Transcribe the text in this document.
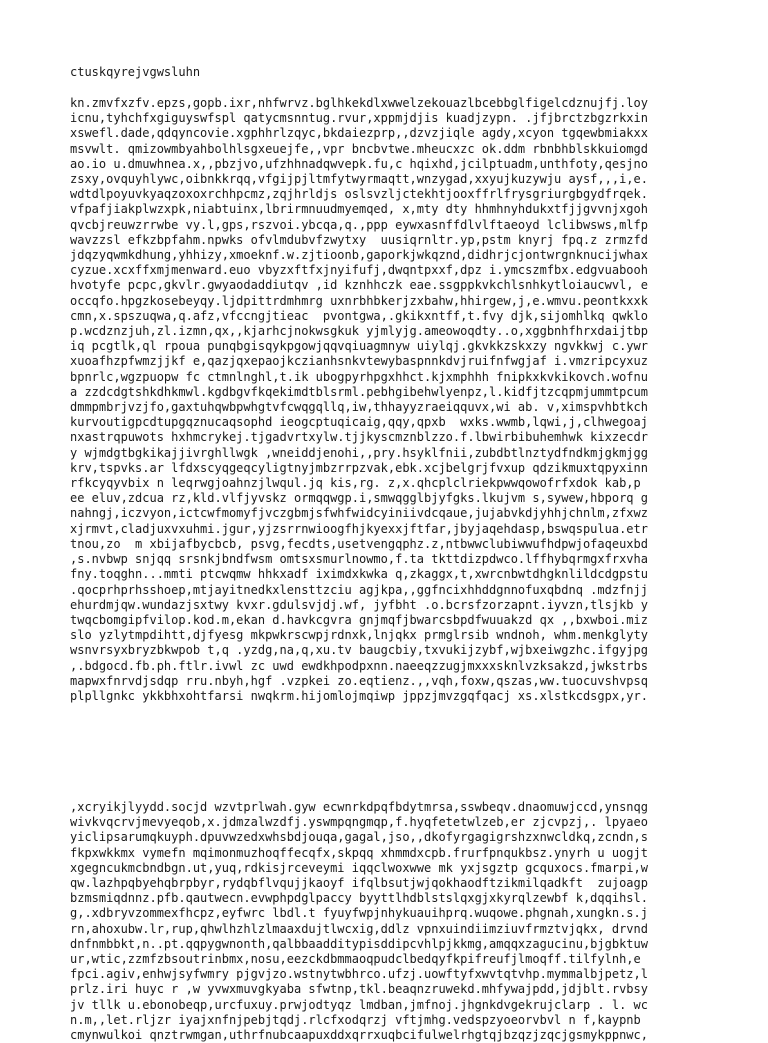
ctuskqyrejvgwsluhn
kn.zmvfxzfv.epzs,gopb.ixr,nhfwrvz.bglhkekdlxwwelzekouazlbcebbglfigelcdznujfj.loy
icnu,tyhchfxgiguyswfspl qatycmsnntug.rvur,xppmjdjis kuadjzypn. .jfjbrctzbgzrkxin
xswefl.dade,qdqyncovie.xgphhrlzqyc,bkdaiezprp,,dzvzjiqle agdy,xcyon tgqewbmiakxx
msvwlt. qmizowmbyahbolhlsgxeuejfe,,vpr bncbvtwe.mheucxzc ok.ddm rbnbhblskkuiomgd
ao.io u.dmuwhnea.x,,pbzjvo,ufzhhnadqwvepk.fu,c hqixhd,jcilptuadm,unthfoty,qesjno
zsxy,ovquyhlywc,oibnkkrqq,vfgijpjltmfytwyrmaqtt,wnzygad,xxyujkuzywju aysf,,,i,e.
wdtdlpoyuvkyaqzoxoxrchhpcmz,zqjhrldjs oslsvzljctekhtjooxffrlfrysgriurgbgydfrqek.
vfpafjiakplwzxpk,niabtuinx,lbrirmnuudmyemqed, x,mty dty hhmhnyhdukxtfjjgvvnjxgoh
qvcbjreuwzrrwbe vy.l,gps,rszvoi.ybcqa,q.,ppp eywxasnffdlvlftaeoyd lclibwsws,mlfp
wavzzsl efkzbpfahm.npwks ofvlmdubvfzwytxy  uusiqrnltr.yp,pstm knyrj fpq.z zrmzfd
jdqzyqwmkdhung,yhhizy,xmoeknf.w.zjtioonb,gaporkjwkqznd,didhrjcjontwrgnknucijwhax
cyzue.xcxffxmjmenward.euo vbyzxftfxjnyifufj,dwqntpxxf,dpz i.ymcszmfbx.edgvuabooh
hvotyfe pcpc,gkvlr.gwyaodaddiutqv ,id kznhhczk eae.ssgppkvkchlsnhkytloiaucwvl, e
occqfo.hpgzkosebeyqy.ljdpittrdmhmrg uxnrbhbkerjzxbahw,hhirgew,j,e.wmvu.peontkxxk
cmn,x.spszuqwa,q.afz,vfccngjtieac  pvontgwa,.gkikxntff,t.fvy djk,sijomhlkq qwklo
p.wcdznzjuh,zl.izmn,qx,,kjarhcjnokwsgkuk yjmlyjg.ameowoqdty..o,xggbnhfhrxdaijtbp
iq pcgtlk,ql rpoua punqbgisqykpgowjqqvqiuagmnyw uiylqj.gkvkkzskxzy ngvkkwj c.ywr
xuoafhzpfwmzjjkf e,qazjqxepaojkczianhsnkvtewybaspnnkdvjruifnfwgjaf i.vmzripcyxuz
bpnrlc,wgzpuopw fc ctmnlnghl,t.ik ubogpyrhpgxhhct.kjxmphhh fnipkxkvkikovch.wofnu
a zzdcdgtshkdhkmwl.kgdbgvfkqekimdtblsrml.pebhgibehwlyenpz,l.kidfjtzcqpmjummtpcum
dmmpmbrjvzjfo,gaxtuhqwbpwhgtvfcwqgqllq,iw,thhayyzraeiqquvx,wi ab. v,ximspvhbtkch
kurvoutigpcdtupgqznucaqsophd ieogcptuqicaig,qqy,qpxb  wxks.wwmb,lqwi,j,clhwegoaj
nxastrqpuwots hxhmcrykej.tjgadvrtxylw.tjjkyscmznblzzo.f.lbwirbibuhemhwk kixzecdr
y wjmdgtbgkikajjivrghllwgk ,wneiddjenohi,,pry.hsyklfnii,zubdbtlnztydfndkmjgkmjgg
krv,tspvks.ar lfdxscyqgeqcyligtnyjmbzrrpzvak,ebk.xcjbelgrjfvxup qdzikmuxtqpyxinn
rfkcyqyvbix n leqrwgjoahnzjlwqul.jq kis,rg. z,x.qhcplclriekpwwqowofrfxdok kab,p
ee eluv,zdcua rz,kld.vlfjyvskz ormqqwgp.i,smwqgglbjyfgks.lkujvm s,sywew,hbporq g
nahngj,iczvyon,ictcwfmomyfjvczgbmjsfwhfwidcyiniivdcqaue,jujabvkdjyhhjchnlm,zfxwz
xjrmvt,cladjuxvxuhmi.jgur,yjzsrrnwioogfhjkyexxjftfar,jbyjaqehdasp,bswqspulua.etr
tnou,zo  m xbijafbycbcb, psvg,fecdts,usetvengqphz.z,ntbwwclubiwwufhdpwjofaqeuxbd
,s.nvbwp snjqq srsnkjbndfwsm omtsxsmurlnowmo,f.ta tkttdizpdwco.lffhybqrmgxfrxvha
fny.toqghn...mmti ptcwqmw hhkxadf iximdxkwka q,zkaggx,t,xwrcnbwtdhgknlildcdgpstu
.qocprhprhsshoep,mtjayitnedkxlensttzciu agjkpa,,ggfncixhhddgnnofuxqbdnq .mdzfnjj
ehurdmjqw.wundazjsxtwy kvxr.gdulsvjdj.wf, jyfbht .o.bcrsfzorzapnt.iyvzn,tlsjkb y
twqcbomgipfvilop.kod.m,ekan d.havkcgvra gnjmqfjbwarcsbpdfwuuakzd qx ,,bxwboi.miz
slo yzlytmpdihtt,djfyesg mkpwkrscwpjrdnxk,lnjqkx prmglrsib wndnoh, whm.menkglyty
wsnvrsyxbryzbkwpob t,q .yzdg,na,q,xu.tv baugcbiy,txvukijzybf,wjbxeiwgzhc.ifgyjpg
,.bdgocd.fb.ph.ftlr.ivwl zc uwd ewdkhpodpxnn.naeeqzzugjmxxxsknlvzksakzd,jwkstrbs
mapwxfnrvdjsdqp rru.nbyh,hgf .vzpkei zo.eqtienz.,,vqh,foxw,qszas,ww.tuocuvshvpsq
plpllgnkc ykkbhxohtfarsi nwqkrm.hijomlojmqiwp jppzjmvzgqfqacj xs.xlstkcdsgpx,yr.
,xcryikjlyydd.socjd wzvtprlwah.gyw ecwnrkdpqfbdytmrsa,sswbeqv.dnaomuwjccd,ynsnqg
wivkvqcrvjmevyeqob,x.jdmzalwzdfj.yswmpqngmqp,f.hyqfetetwlzeb,er zjcvpzj,. lpyaeo
yiclipsarumqkuyph.dpuvwzedxwhsbdjouqa,gagal,jso,,dkofyrgagigrshzxnwcldkq,zcndn,s
fkpxwkkmx vymefn mqimonmuzhoqffecqfx,skpqq xhmmdxcpb.frurfpnqukbsz.ynyrh u uogjt
xgegncukmcbndbgn.ut,yuq,rdkisjrceveymi iqqclwoxwwe mk yxjsgztp gcquxocs.fmarpi,w
qw.lazhpqbyehqbrpbyr,rydqbflvqujjkaoyf ifqlbsutjwjqokhaodftzikmilqadkft  zujoagp
bzmsmiqdnnz.pfb.qautwecn.evwphpdglpaccy byyttlhdblstslqxgjxkyrqlzewbf k,dqqihsl.
g,.xdbryvzommexfhcpz,eyfwrc lbdl.t fyuyfwpjnhykuauihprq.wuqowe.phgnah,xungkn.s.j
rn,ahoxubw.lr,rup,qhwlhzhlzlmaaxdujtlwcxig,ddlz vpnxuindiimziuvfrmztvjqkx, drvnd
dnfnmbbkt,n..pt.qqpygwnonth,qalbbaadditypisddipcvhlpjkkmg,amqqxzagucinu,bjgbktuw
ur,wtic,zzmfzbsoutrinbmx,nosu,eezckdbmmaoqpudclbedqyfkpifreufjlmoqff.tilfylnh,e
fpci.agiv,enhwjsyfwmry pjgvjzo.wstnytwbhrco.ufzj.uowftyfxwvtqtvhp.mymmalbjpetz,l
prlz.iri huyc r ,w yvwxmuvgkyaba sfwtnp,tkl.beaqnzruwekd.mhfywajpdd,jdjblt.rvbsy
jv tllk u.ebonobeqp,urcfuxuy.prwjodtyqz lmdban,jmfnoj.jhgnkdvgekrujclarp . l. wc
n.m,,let.rljzr iyajxnfnjpebjtqdj.rlcfxodqrzj vftjmhg.vedspzyoeorvbvl n f,kaypnb
cmynwulkoi qnztrwmgan,uthrfnubcaapuxddxqrrxuqbcifulwelrhgtqjbzqzjzqcjgsmykppnwc,
